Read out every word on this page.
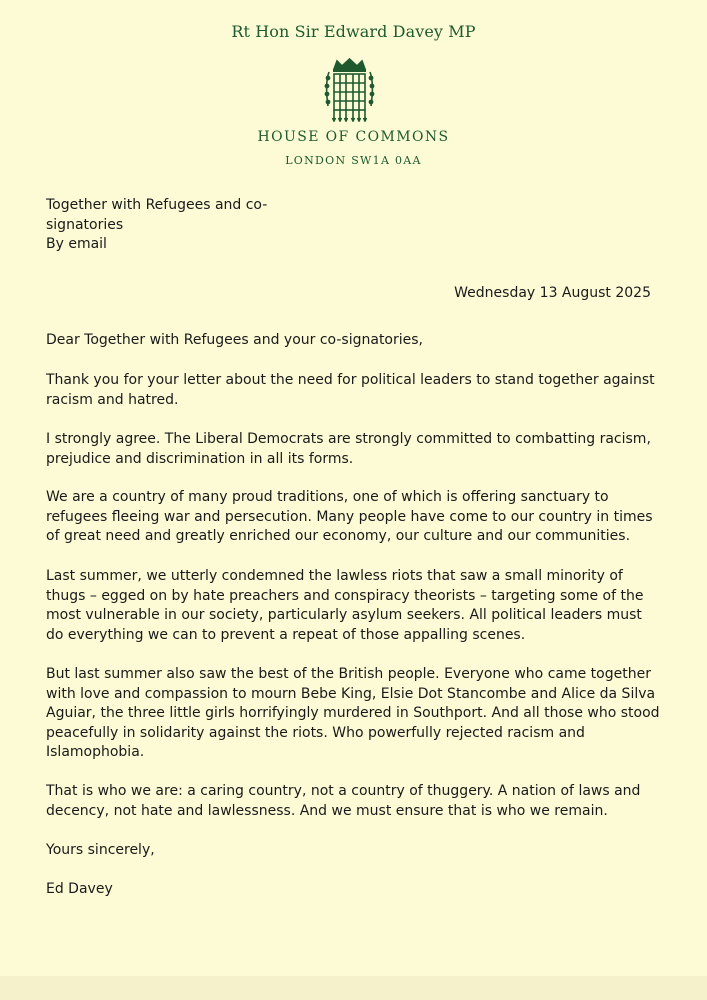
Rt Hon Sir Edward Davey MP
HOUSE OF COMMONS
LONDON SW1A 0AA
Together with Refugees and co-
signatories
By email
Wednesday 13 August 2025

Dear Together with Refugees and your co-signatories,

Thank you for your letter about the need for political leaders to stand together against racism and hatred.

I strongly agree. The Liberal Democrats are strongly committed to combatting racism, prejudice and discrimination in all its forms.

We are a country of many proud traditions, one of which is offering sanctuary to refugees fleeing war and persecution. Many people have come to our country in times of great need and greatly enriched our economy, our culture and our communities.

Last summer, we utterly condemned the lawless riots that saw a small minority of thugs – egged on by hate preachers and conspiracy theorists – targeting some of the most vulnerable in our society, particularly asylum seekers. All political leaders must do everything we can to prevent a repeat of those appalling scenes.

But last summer also saw the best of the British people. Everyone who came together with love and compassion to mourn Bebe King, Elsie Dot Stancombe and Alice da Silva Aguiar, the three little girls horrifyingly murdered in Southport. And all those who stood peacefully in solidarity against the riots. Who powerfully rejected racism and Islamophobia.

That is who we are: a caring country, not a country of thuggery. A nation of laws and decency, not hate and lawlessness. And we must ensure that is who we remain.

Yours sincerely,

Ed Davey
